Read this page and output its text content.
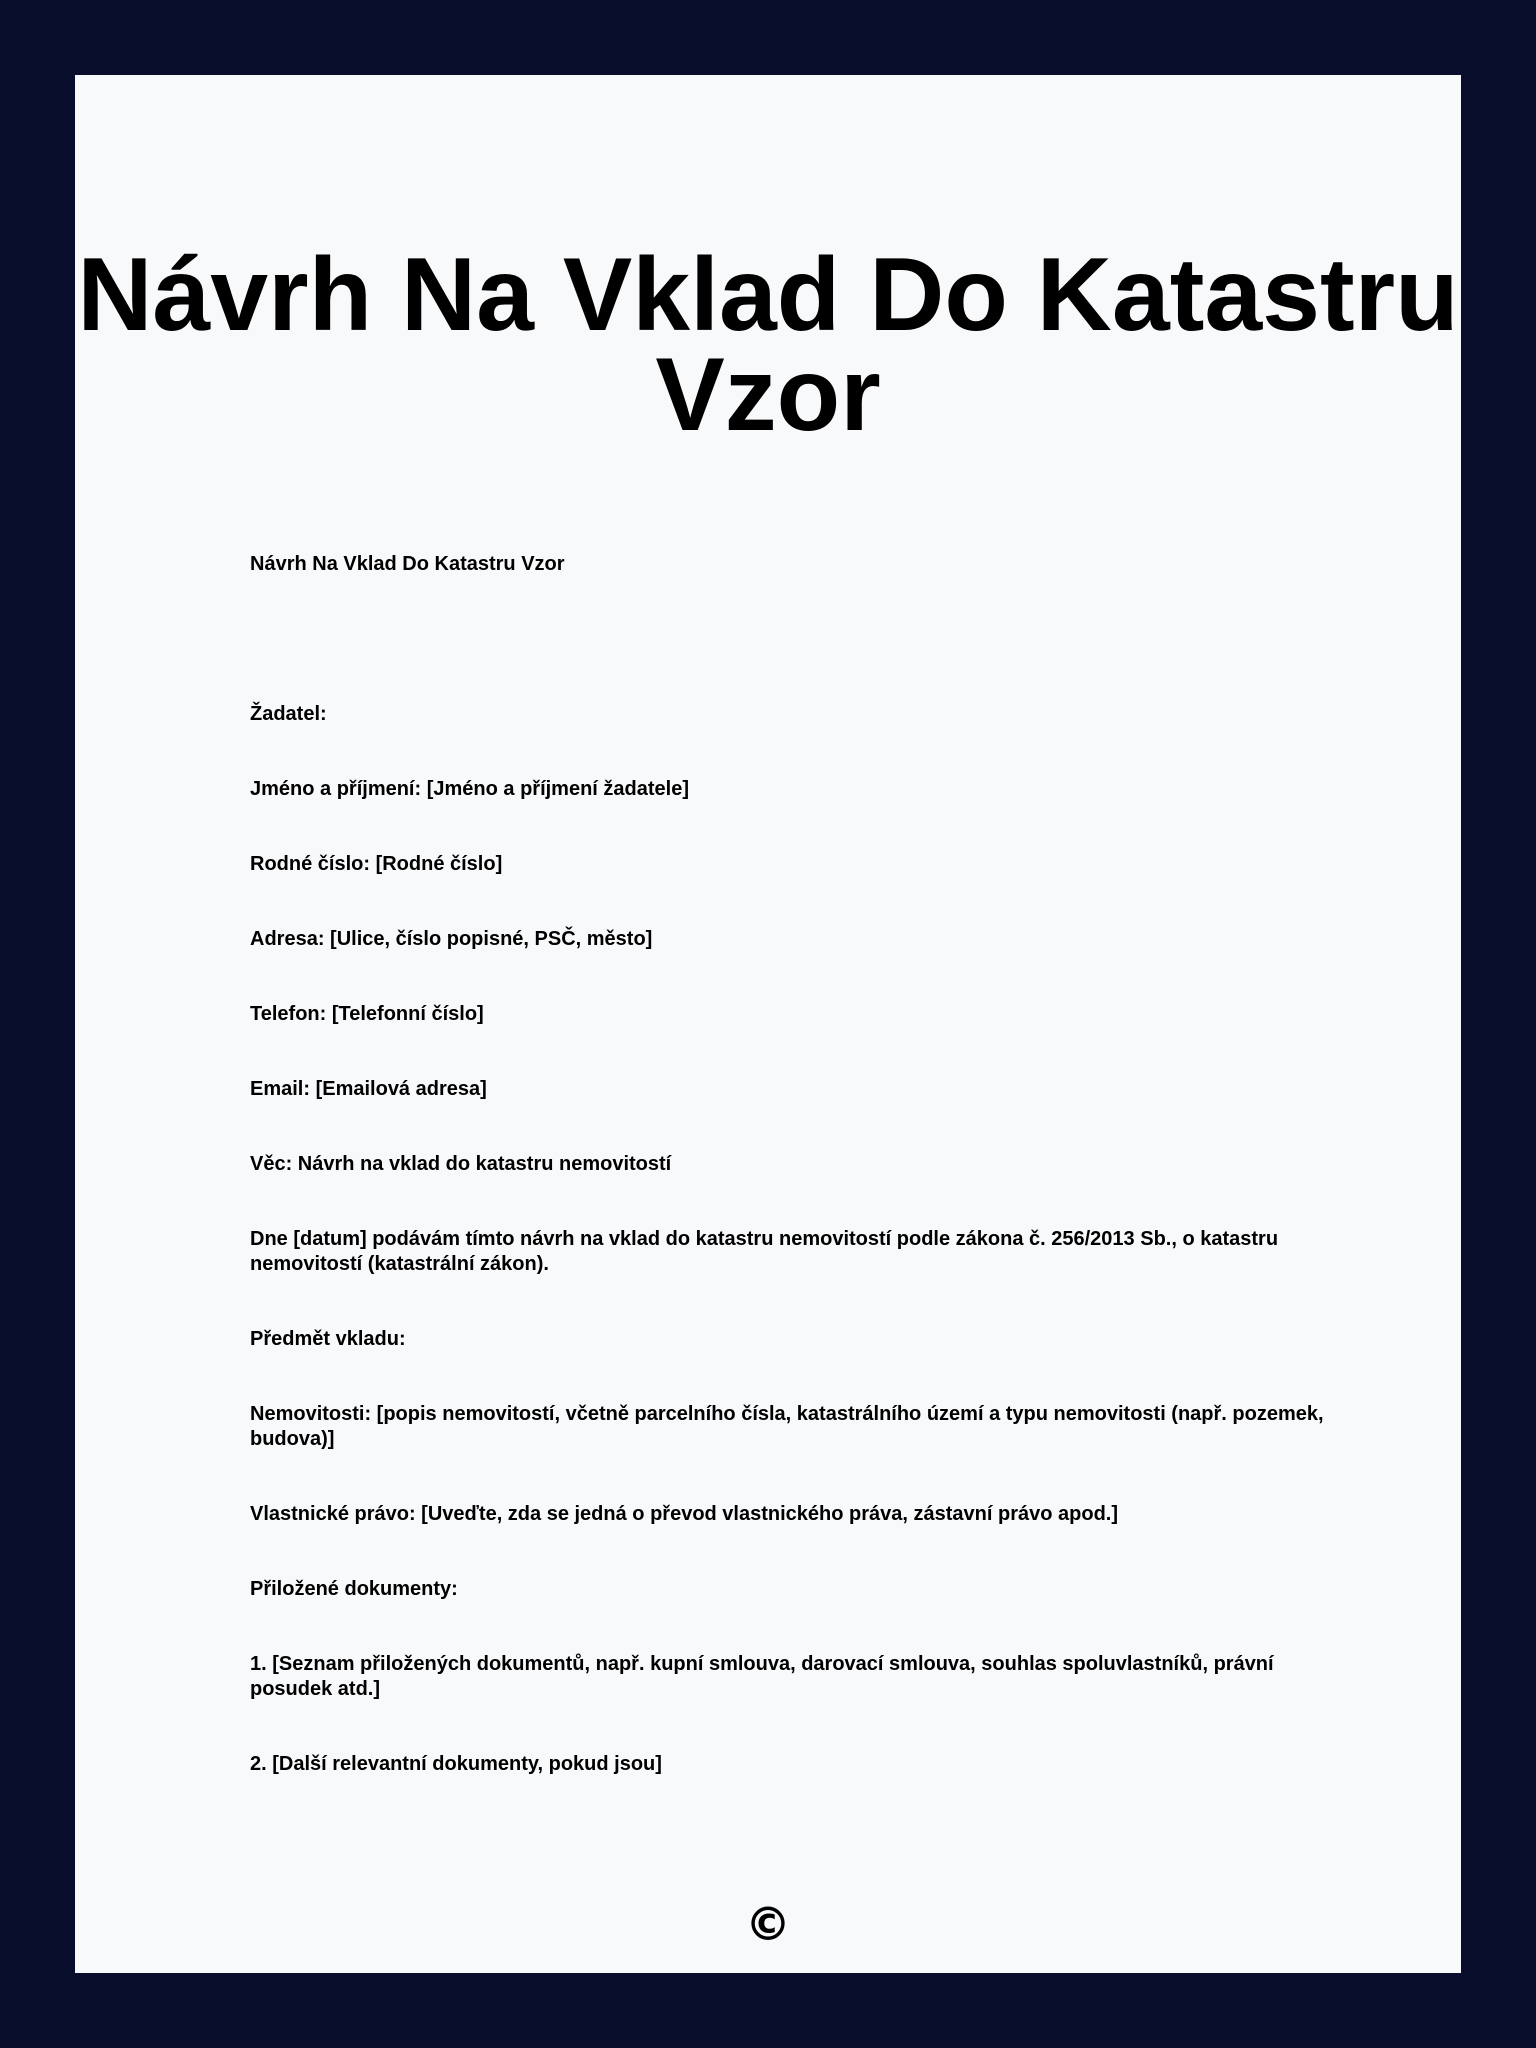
Návrh Na Vklad Do Katastru Vzor

Návrh Na Vklad Do Katastru Vzor

Žadatel:

Jméno a příjmení: [Jméno a příjmení žadatele]

Rodné číslo: [Rodné číslo]

Adresa: [Ulice, číslo popisné, PSČ, město]

Telefon: [Telefonní číslo]

Email: [Emailová adresa]

Věc: Návrh na vklad do katastru nemovitostí

Dne [datum] podávám tímto návrh na vklad do katastru nemovitostí podle zákona č. 256/2013 Sb., o katastru nemovitostí (katastrální zákon).

Předmět vkladu:

Nemovitosti: [popis nemovitostí, včetně parcelního čísla, katastrálního území a typu nemovitosti (např. pozemek, budova)]

Vlastnické právo: [Uveďte, zda se jedná o převod vlastnického práva, zástavní právo apod.]

Přiložené dokumenty:

1. [Seznam přiložených dokumentů, např. kupní smlouva, darovací smlouva, souhlas spoluvlastníků, právní posudek atd.]

2. [Další relevantní dokumenty, pokud jsou]

©
